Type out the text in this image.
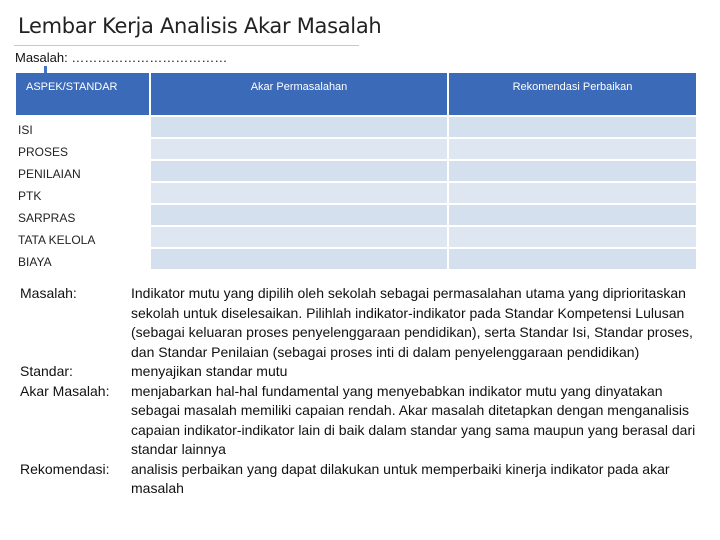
Lembar Kerja Analisis Akar Masalah
Masalah: ………………………………
ASPEK/STANDAR	Akar Permasalahan	Rekomendasi Perbaikan
ISI		
PROSES		
PENILAIAN		
PTK		
SARPRAS		
TATA KELOLA		
BIAYA		
Masalah:	Indikator mutu yang dipilih oleh sekolah sebagai permasalahan utama yang diprioritaskan sekolah untuk diselesaikan. Pilihlah indikator-indikator pada Standar Kompetensi Lulusan (sebagai keluaran proses penyelenggaraan pendidikan), serta Standar Isi, Standar proses, dan Standar Penilaian (sebagai proses inti di dalam penyelenggaraan pendidikan)
Standar:	menyajikan standar mutu
Akar Masalah:	menjabarkan hal-hal fundamental yang menyebabkan indikator mutu yang dinyatakan sebagai masalah memiliki capaian rendah. Akar masalah ditetapkan dengan menganalisis capaian indikator-indikator lain di baik dalam standar yang sama maupun yang berasal dari standar lainnya
Rekomendasi:	analisis perbaikan yang dapat dilakukan untuk memperbaiki kinerja indikator pada akar masalah
